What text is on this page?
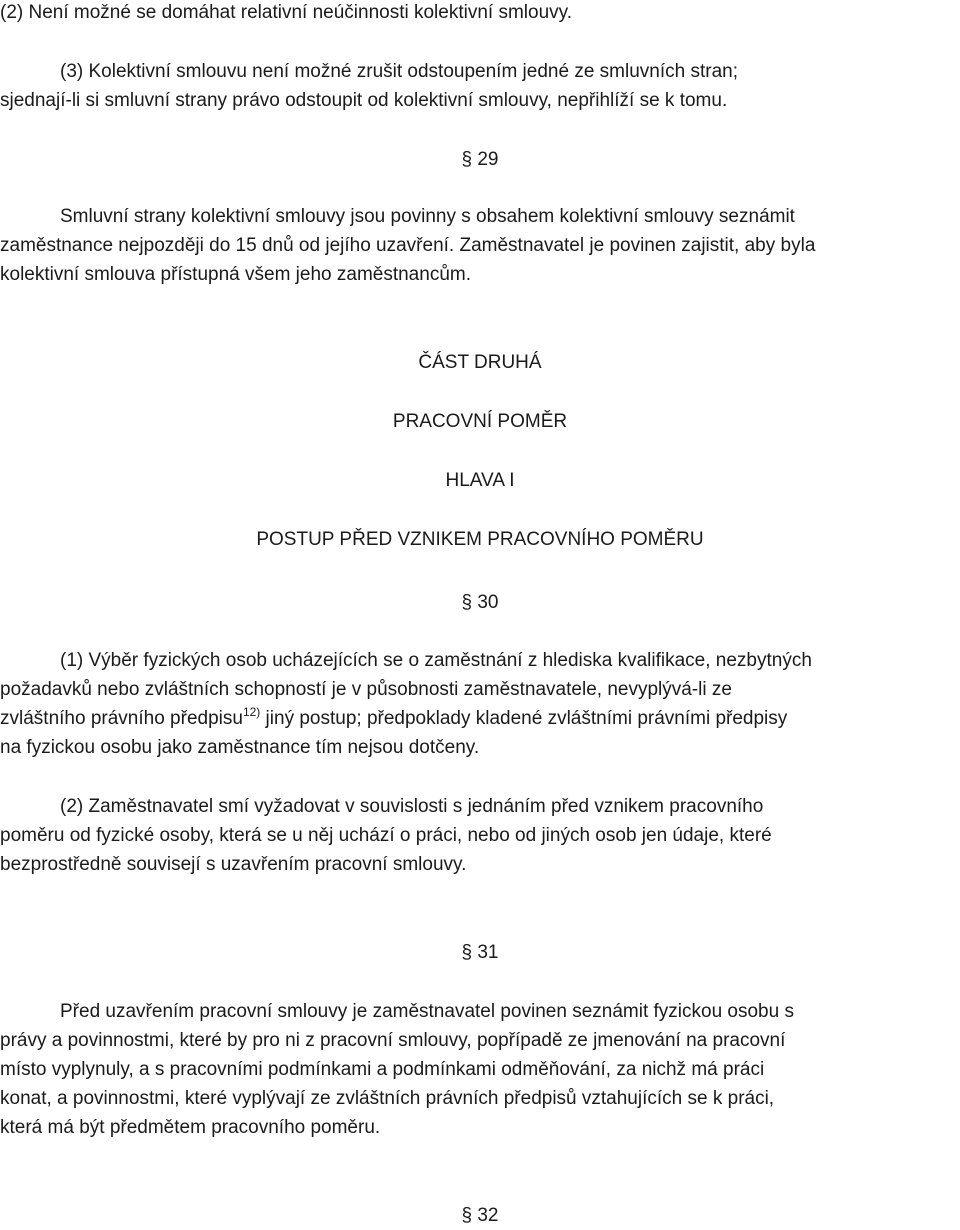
(2) Není možné se domáhat relativní neúčinnosti kolektivní smlouvy.
(3) Kolektivní smlouvu není možné zrušit odstoupením jedné ze smluvních stran;
sjednají-li si smluvní strany právo odstoupit od kolektivní smlouvy, nepřihlíží se k tomu.
§ 29
Smluvní strany kolektivní smlouvy jsou povinny s obsahem kolektivní smlouvy seznámit
zaměstnance nejpozději do 15 dnů od jejího uzavření. Zaměstnavatel je povinen zajistit, aby byla
kolektivní smlouva přístupná všem jeho zaměstnancům.
ČÁST DRUHÁ
PRACOVNÍ POMĚR
HLAVA I
POSTUP PŘED VZNIKEM PRACOVNÍHO POMĚRU
§ 30
(1) Výběr fyzických osob ucházejících se o zaměstnání z hlediska kvalifikace, nezbytných
požadavků nebo zvláštních schopností je v působnosti zaměstnavatele, nevyplývá-li ze
zvláštního právního předpisu$^{12)}$ jiný postup; předpoklady kladené zvláštními právními předpisy
na fyzickou osobu jako zaměstnance tím nejsou dotčeny.
(2) Zaměstnavatel smí vyžadovat v souvislosti s jednáním před vznikem pracovního
poměru od fyzické osoby, která se u něj uchází o práci, nebo od jiných osob jen údaje, které
bezprostředně souvisejí s uzavřením pracovní smlouvy.
§ 31
Před uzavřením pracovní smlouvy je zaměstnavatel povinen seznámit fyzickou osobu s
právy a povinnostmi, které by pro ni z pracovní smlouvy, popřípadě ze jmenování na pracovní
místo vyplynuly, a s pracovními podmínkami a podmínkami odměňování, za nichž má práci
konat, a povinnostmi, které vyplývají ze zvláštních právních předpisů vztahujících se k práci,
která má být předmětem pracovního poměru.
§ 32
